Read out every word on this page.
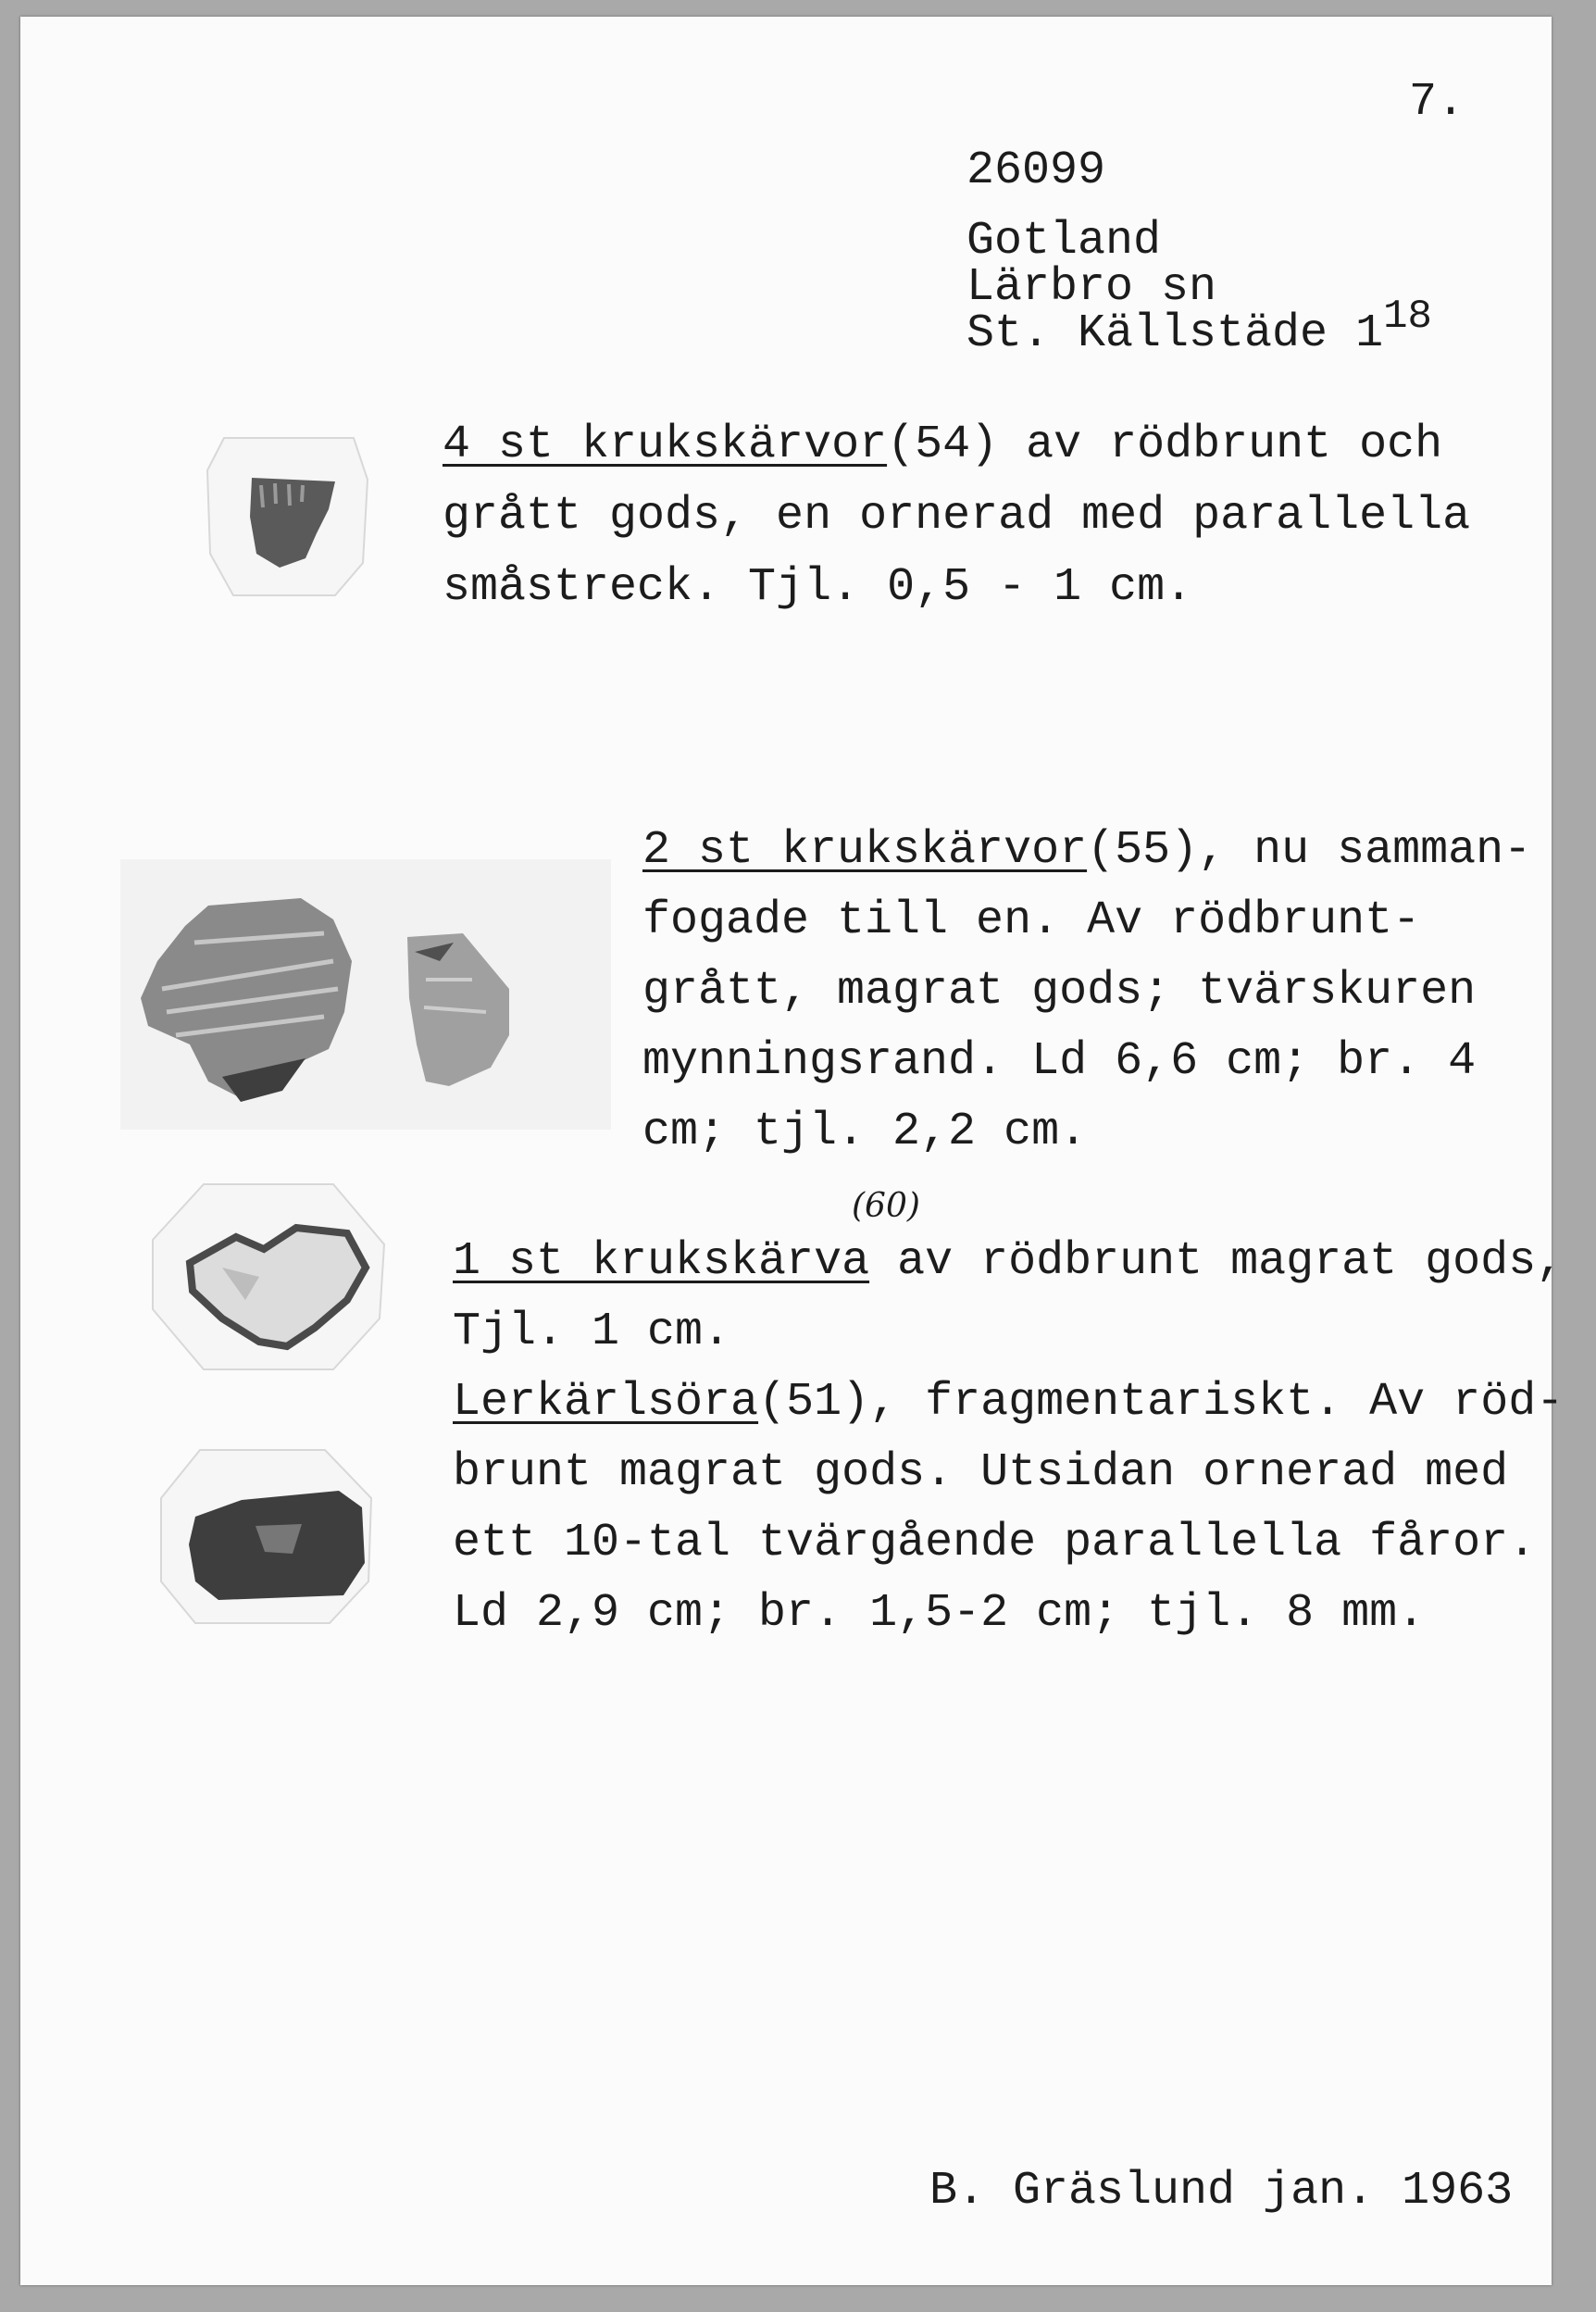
7.
26099
Gotland
Lärbro sn
St. Källstäde 118
4 st krukskärvor(54) av rödbrunt och
grått gods, en ornerad med parallella
småstreck. Tjl. 0,5 - 1 cm.
2 st krukskärvor(55), nu samman-
fogade till en. Av rödbrunt-
grått, magrat gods; tvärskuren
mynningsrand. Ld 6,6 cm; br. 4
cm; tjl. 2,2 cm.
(60)
1 st krukskärva av rödbrunt magrat gods,
Tjl. 1 cm.
Lerkärlsöra(51), fragmentariskt. Av röd-
brunt magrat gods. Utsidan ornerad med
ett 10-tal tvärgående parallella fåror.
Ld 2,9 cm; br. 1,5-2 cm; tjl. 8 mm.
B. Gräslund jan. 1963
